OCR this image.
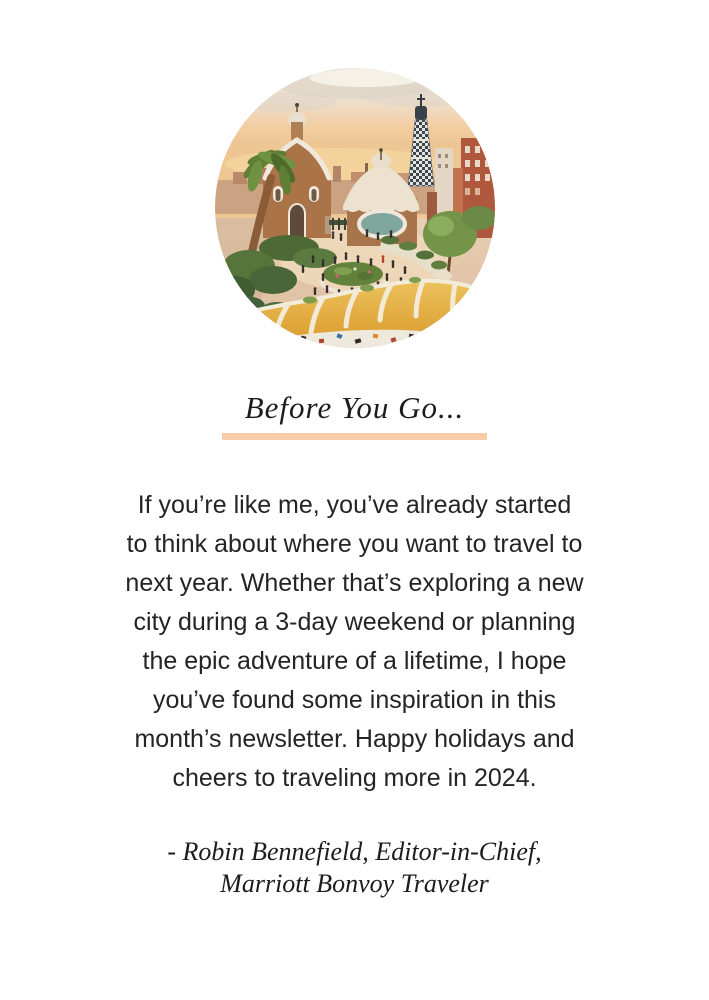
Before You Go...

If you’re like me, you’ve already started
to think about where you want to travel to
next year. Whether that’s exploring a new
city during a 3-day weekend or planning
the epic adventure of a lifetime, I hope
you’ve found some inspiration in this
month’s newsletter. Happy holidays and
cheers to traveling more in 2024.

- Robin Bennefield, Editor-in-Chief,
Marriott Bonvoy Traveler
